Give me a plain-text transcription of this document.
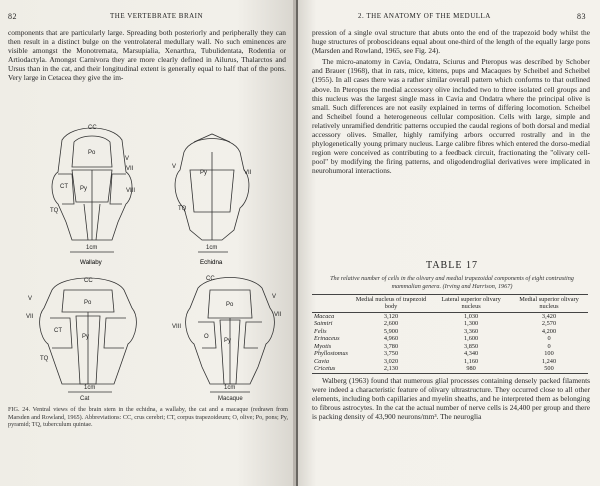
82	THE VERTEBRATE BRAIN

components that are particularly large. Spreading both posteriorly and peripherally they can then result in a distinct bulge on the ventrolateral medullary wall. No such eminences are visible amongst the Monotremata, Marsupialia, Xenarthra, Tubulidentata, Rodentia or Artiodactyla. Amongst Carnivora they are more clearly defined in Ailurus, Thalarctos and Ursus than in the cat, and their longitudinal extent is generally equal to half that of the pons. Very large in Cetacea they give the im-

CC
Po
V
VII
VIII
CT Py
TQ
1cm
Wallaby
V
Py	VII
TQ
1cm
Echidna
CC
Po
V
VII
CT
Py
TQ
1cm
CC
Po
V
VII
VIII
O
Py
1cm
Cat	Macaque
FIG. 24. Ventral views of the brain stem in the echidna, a wallaby, the cat and a macaque (redrawn from Marsden and Rowland, 1965). Abbreviations: CC, crus cerebri; CT, corpus trapezoideum; O, olive; Po, pons; Py, pyramid; TQ, tuberculum quintae.
2. THE ANATOMY OF THE MEDULLA	83

pression of a single oval structure that abuts onto the end of the trapezoid body whilst the huge structures of proboscideans equal about one-third of the length of the equally large pons (Marsden and Rowland, 1965, see Fig. 24).

The micro-anatomy in Cavia, Ondatra, Sciurus and Pteropus was described by Schober and Brauer (1968), that in rats, mice, kittens, pups and Macaques by Scheibel and Scheibel (1955). In all cases there was a rather similar overall pattern which conforms to that outlined above. In Pteropus the medial accessory olive included two to three isolated cell groups and this nucleus was the largest single mass in Cavia and Ondatra where the principal olive is small. Such differences are not easily explained in terms of differing locomotion. Scheibel and Scheibel found a heterogeneous cellular composition. Cells with large, simple and relatively unramified dendritic patterns occupied the caudal regions of both dorsal and medial accessory olives. Smaller, highly ramifying arbors occurred rostrally and in the phylogenetically young primary nucleus. Large calibre fibres which entered the dorso-medial region were conceived as contributing to a feedback circuit, fractionating the "olivary cell-pool" by modifying the firing patterns, and oligodendroglial derivatives were implicated in neurohumoral interactions.

TABLE 17
The relative number of cells in the olivary and medial trapezoidal components of eight contrasting mammalian genera. (Irving and Harrison, 1967)
	Medial nucleus of trapezoid body	Lateral superior olivary nucleus	Medial superior olivary nucleus
Macaca	3,120	1,030	3,420
Saimiri	2,600	1,300	2,570
Felis	5,900	3,360	4,200
Erinaceus	4,960	1,600	0
Myotis	3,780	3,850	0
Phyllostomus	3,750	4,340	100
Cavia	3,020	1,160	1,240
Cricetus	2,130	980	500

Walberg (1963) found that numerous glial processes containing densely packed filaments were indeed a characteristic feature of olivary ultrastructure. They occurred close to all other elements, including both capillaries and myelin sheaths, and he interpreted them as belonging to fibrous astrocytes. In the cat the actual number of nerve cells is 24,400 per group and there is packing density of 43,900 neurons/mm³. The neuroglia
